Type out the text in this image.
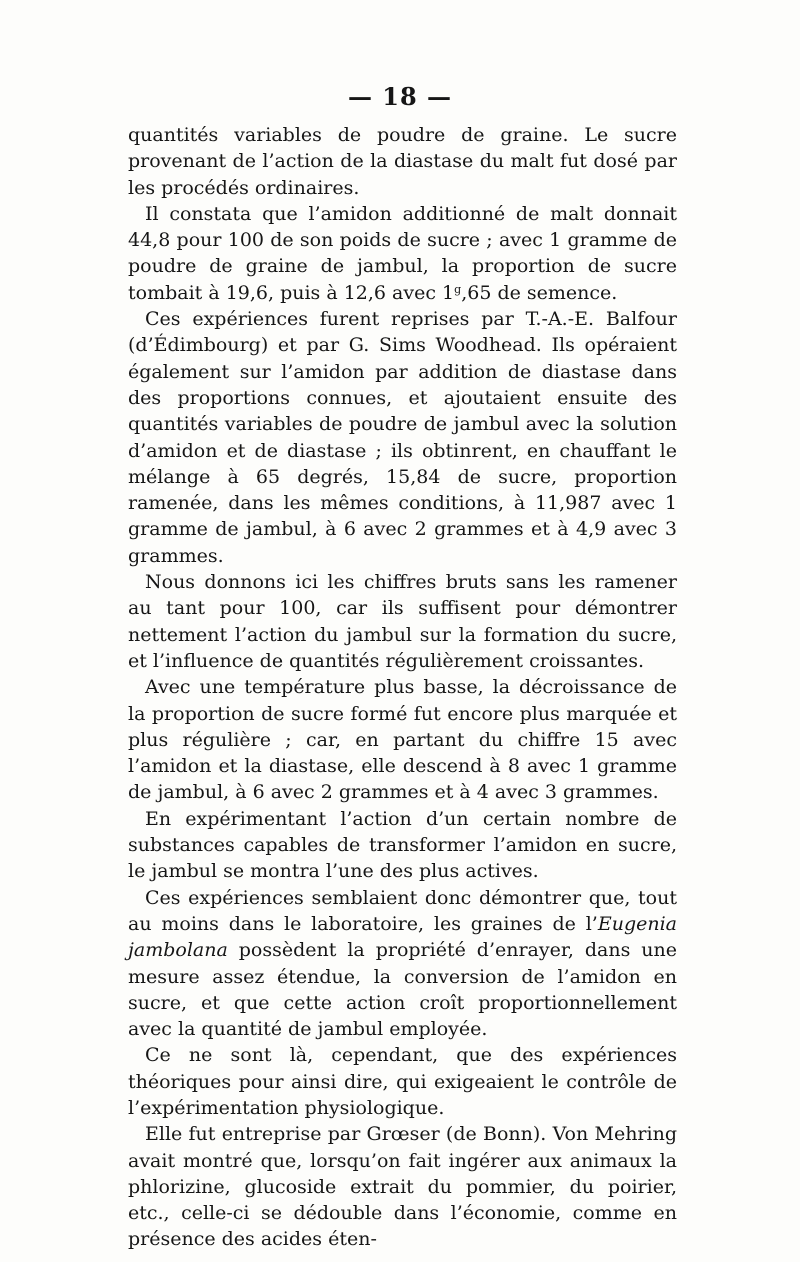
— 18 —

quantités variables de poudre de graine. Le sucre provenant de l’action de la diastase du malt fut dosé par les procédés ordinaires.

Il constata que l’amidon additionné de malt donnait 44,8 pour 100 de son poids de sucre ; avec 1 gramme de poudre de graine de jambul, la proportion de sucre tombait à 19,6, puis à 12,6 avec 1$^g$,65 de semence.

Ces expériences furent reprises par T.-A.-E. Balfour (d’Édimbourg) et par G. Sims Woodhead. Ils opéraient également sur l’amidon par addition de diastase dans des proportions connues, et ajoutaient ensuite des quantités variables de poudre de jambul avec la solution d’amidon et de diastase ; ils obtinrent, en chauffant le mélange à 65 degrés, 15,84 de sucre, proportion ramenée, dans les mêmes conditions, à 11,987 avec 1 gramme de jambul, à 6 avec 2 grammes et à 4,9 avec 3 grammes.

Nous donnons ici les chiffres bruts sans les ramener au tant pour 100, car ils suffisent pour démontrer nettement l’action du jambul sur la formation du sucre, et l’influence de quantités régulièrement croissantes.

Avec une température plus basse, la décroissance de la proportion de sucre formé fut encore plus marquée et plus régulière ; car, en partant du chiffre 15 avec l’amidon et la diastase, elle descend à 8 avec 1 gramme de jambul, à 6 avec 2 grammes et à 4 avec 3 grammes.

En expérimentant l’action d’un certain nombre de substances capables de transformer l’amidon en sucre, le jambul se montra l’une des plus actives.

Ces expériences semblaient donc démontrer que, tout au moins dans le laboratoire, les graines de l’Eugenia jambolana possèdent la propriété d’enrayer, dans une mesure assez étendue, la conversion de l’amidon en sucre, et que cette action croît proportionnellement avec la quantité de jambul employée.

Ce ne sont là, cependant, que des expériences théoriques pour ainsi dire, qui exigeaient le contrôle de l’expérimentation physiologique.

Elle fut entreprise par Grœser (de Bonn). Von Mehring avait montré que, lorsqu’on fait ingérer aux animaux la phlorizine, glucoside extrait du pommier, du poirier, etc., celle-ci se dédouble dans l’économie, comme en présence des acides éten-
